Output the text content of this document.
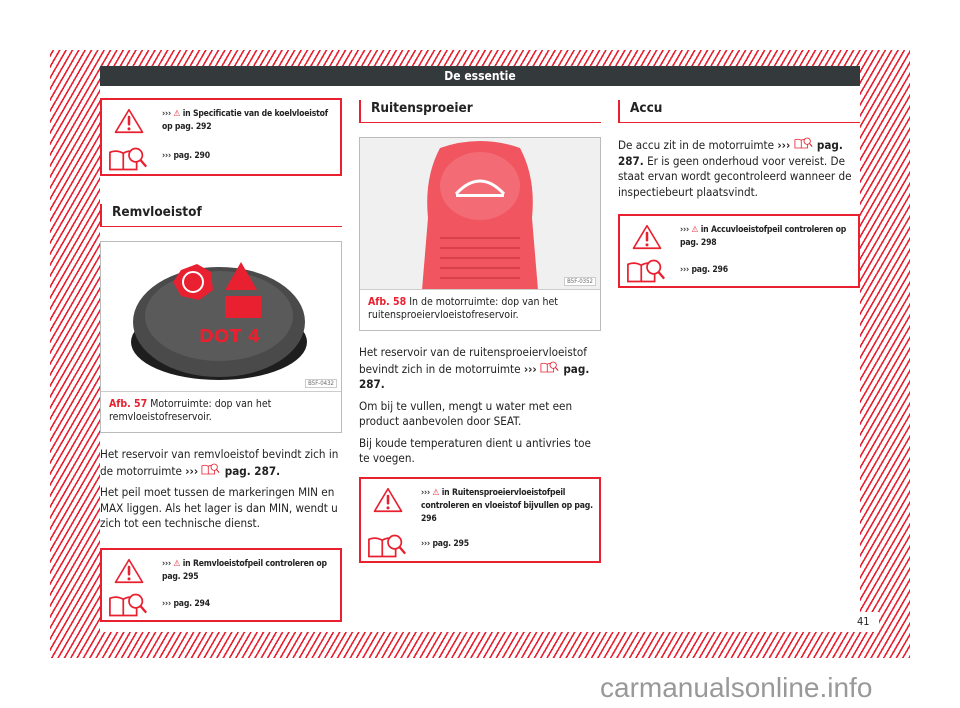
41
De essentie

››› ⚠ in Specificatie van de koelvloeistof op pag. 292

››› pag. 290

Remvloeistof
DOT 4
B5F-0432
Afb. 57 Motorruimte: dop van het remvloeistofreservoir.

Het reservoir van remvloeistof bevindt zich in de motorruimte ››› pag. 287.

Het peil moet tussen de markeringen MIN en MAX liggen. Als het lager is dan MIN, wendt u zich tot een technische dienst.

››› ⚠ in Remvloeistofpeil controleren op pag. 295

››› pag. 294

Ruitensproeier
B5F-0352
Afb. 58 In de motorruimte: dop van het ruitensproeiervloeistofreservoir.

Het reservoir van de ruitensproeiervloeistof bevindt zich in de motorruimte ››› pag. 287.

Om bij te vullen, mengt u water met een product aanbevolen door SEAT.

Bij koude temperaturen dient u antivries toe te voegen.

››› ⚠ in Ruitensproeiervloeistofpeil controleren en vloeistof bijvullen op pag. 296

››› pag. 295

Accu

De accu zit in de motorruimte ››› pag. 287. Er is geen onderhoud voor vereist. De staat ervan wordt gecontroleerd wanneer de inspectiebeurt plaatsvindt.

››› ⚠ in Accuvloeistofpeil controleren op pag. 298

››› pag. 296

carmanualsonline.info
